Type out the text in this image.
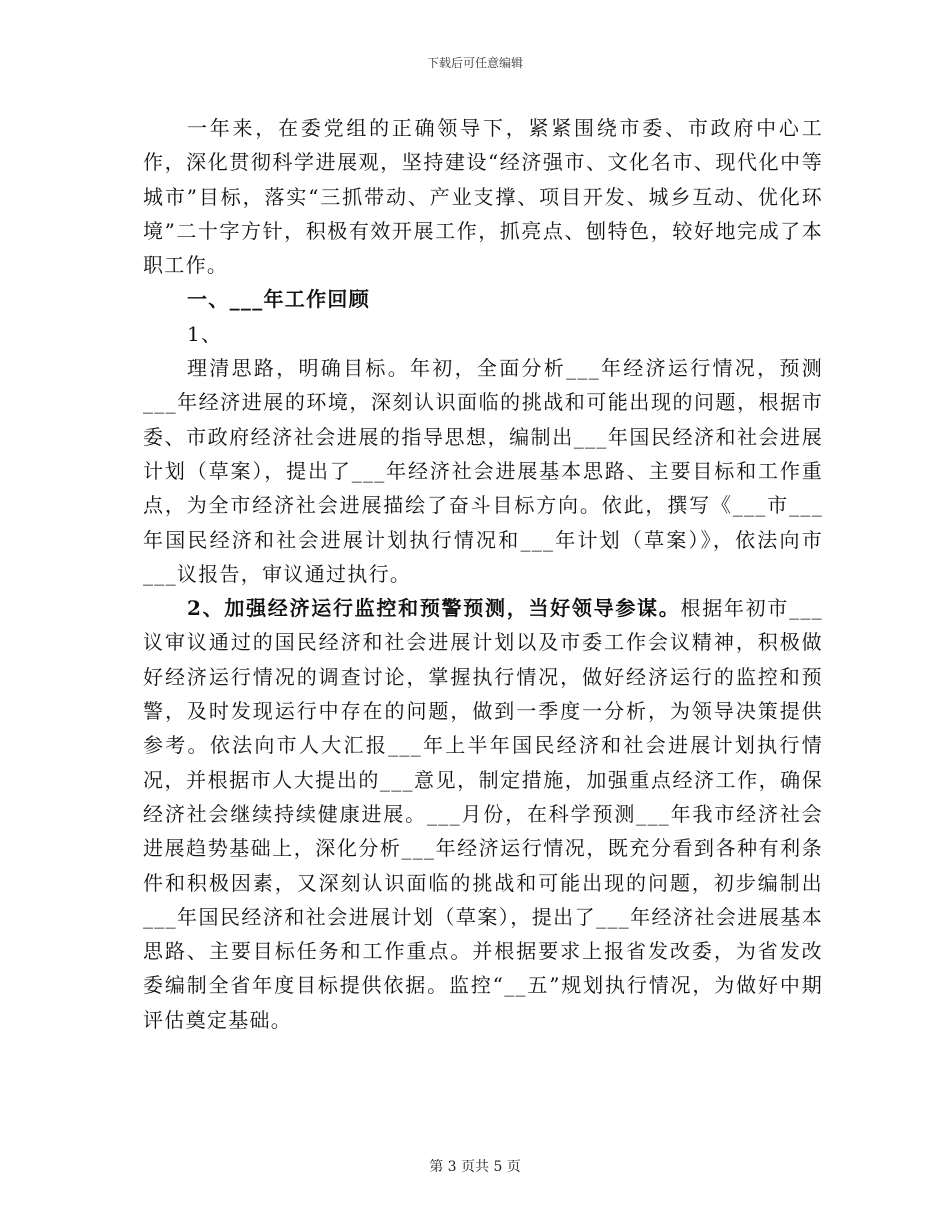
下载后可任意编辑

一年来，在委党组的正确领导下，紧紧围绕市委、市政府中心工作，深化贯彻科学进展观，坚持建设“经济强市、文化名市、现代化中等城市”目标，落实“三抓带动、产业支撑、项目开发、城乡互动、优化环境”二十字方针，积极有效开展工作，抓亮点、刨特色，较好地完成了本职工作。

一、___年工作回顾

1、

理清思路，明确目标。年初，全面分析___年经济运行情况，预测___年经济进展的环境，深刻认识面临的挑战和可能出现的问题，根据市委、市政府经济社会进展的指导思想，编制出___年国民经济和社会进展计划（草案），提出了___年经济社会进展基本思路、主要目标和工作重点，为全市经济社会进展描绘了奋斗目标方向。依此，撰写《___市___年国民经济和社会进展计划执行情况和___年计划（草案）》，依法向市___议报告，审议通过执行。

2、加强经济运行监控和预警预测，当好领导参谋。根据年初市___议审议通过的国民经济和社会进展计划以及市委工作会议精神，积极做好经济运行情况的调查讨论，掌握执行情况，做好经济运行的监控和预警，及时发现运行中存在的问题，做到一季度一分析，为领导决策提供参考。依法向市人大汇报___年上半年国民经济和社会进展计划执行情况，并根据市人大提出的___意见，制定措施，加强重点经济工作，确保经济社会继续持续健康进展。___月份，在科学预测___年我市经济社会进展趋势基础上，深化分析___年经济运行情况，既充分看到各种有利条件和积极因素，又深刻认识面临的挑战和可能出现的问题，初步编制出___年国民经济和社会进展计划（草案），提出了___年经济社会进展基本思路、主要目标任务和工作重点。并根据要求上报省发改委，为省发改委编制全省年度目标提供依据。监控“__五”规划执行情况，为做好中期评估奠定基础。

第 3 页共 5 页
